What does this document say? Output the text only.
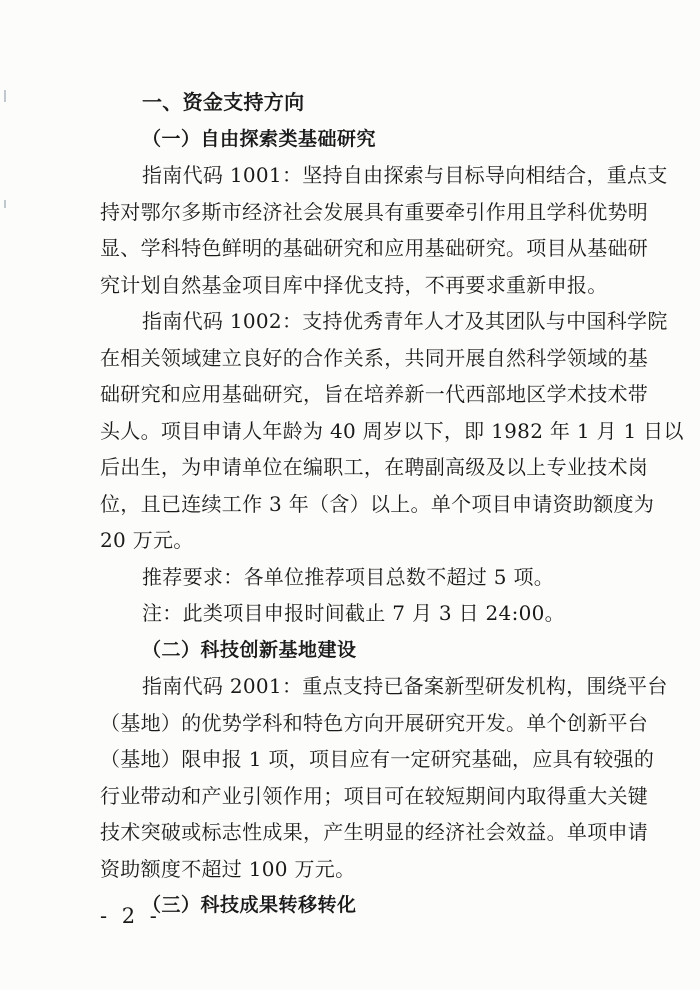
一、资金支持方向
（一）自由探索类基础研究
指南代码 1001：坚持自由探索与目标导向相结合，重点支
持对鄂尔多斯市经济社会发展具有重要牵引作用且学科优势明
显、学科特色鲜明的基础研究和应用基础研究。项目从基础研
究计划自然基金项目库中择优支持，不再要求重新申报。
指南代码 1002：支持优秀青年人才及其团队与中国科学院
在相关领域建立良好的合作关系，共同开展自然科学领域的基
础研究和应用基础研究，旨在培养新一代西部地区学术技术带
头人。项目申请人年龄为 40 周岁以下，即 1982 年 1 月 1 日以
后出生，为申请单位在编职工，在聘副高级及以上专业技术岗
位，且已连续工作 3 年（含）以上。单个项目申请资助额度为
20 万元。
推荐要求：各单位推荐项目总数不超过 5 项。
注：此类项目申报时间截止 7 月 3 日 24:00。
（二）科技创新基地建设
指南代码 2001：重点支持已备案新型研发机构，围绕平台
（基地）的优势学科和特色方向开展研究开发。单个创新平台
（基地）限申报 1 项，项目应有一定研究基础，应具有较强的
行业带动和产业引领作用；项目可在较短期间内取得重大关键
技术突破或标志性成果，产生明显的经济社会效益。单项申请
资助额度不超过 100 万元。
（三）科技成果转移转化
- 2 -
